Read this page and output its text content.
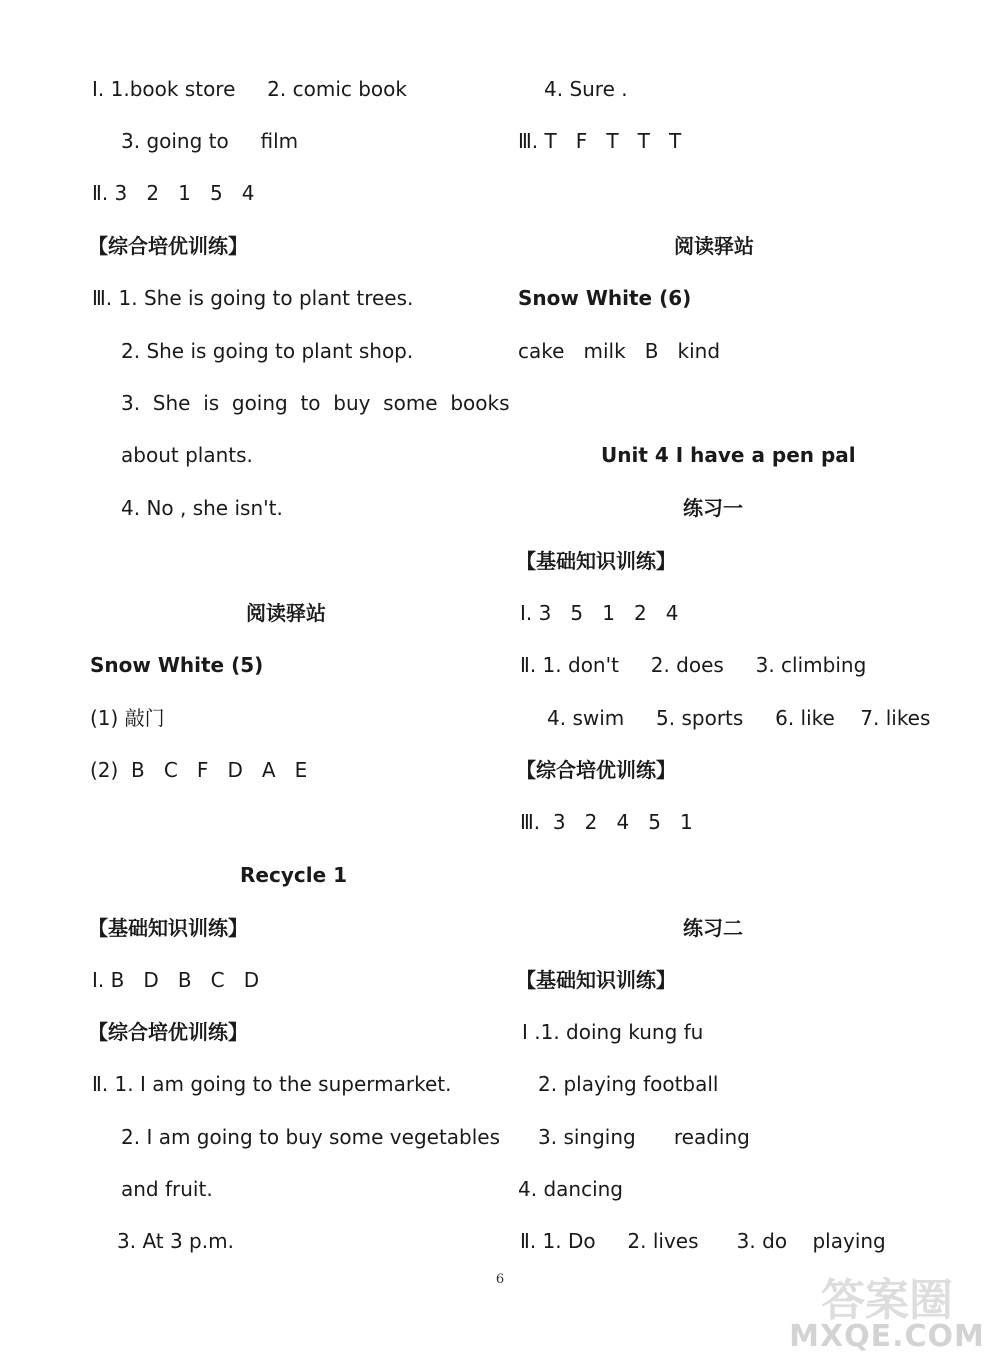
Ⅰ. 1.book store     2. comic book
3. going to     film
Ⅱ. 3   2   1   5   4
【综合培优训练】
Ⅲ. 1. She is going to plant trees.
2. She is going to plant shop.
3.  She  is  going  to  buy  some  books
about plants.
4. No , she isn't.
阅读驿站
Snow White (5)
(1) 敲门
(2)  B   C   F   D   A   E
Recycle 1
【基础知识训练】
Ⅰ. B   D   B   C   D
【综合培优训练】
Ⅱ. 1. I am going to the supermarket.
2. I am going to buy some vegetables
and fruit.
3. At 3 p.m.
4. Sure .
Ⅲ. T   F   T   T   T
阅读驿站
Snow White (6)
cake   milk   B   kind
Unit 4 I have a pen pal
练习一
【基础知识训练】
Ⅰ. 3   5   1   2   4
Ⅱ. 1. don't     2. does     3. climbing
4. swim     5. sports     6. like    7. likes
【综合培优训练】
Ⅲ.  3   2   4   5   1
练习二
【基础知识训练】
Ⅰ .1. doing kung fu
2. playing football
3. singing      reading
4. dancing
Ⅱ. 1. Do     2. lives      3. do    playing
6	答案圈
MXQE.COM
